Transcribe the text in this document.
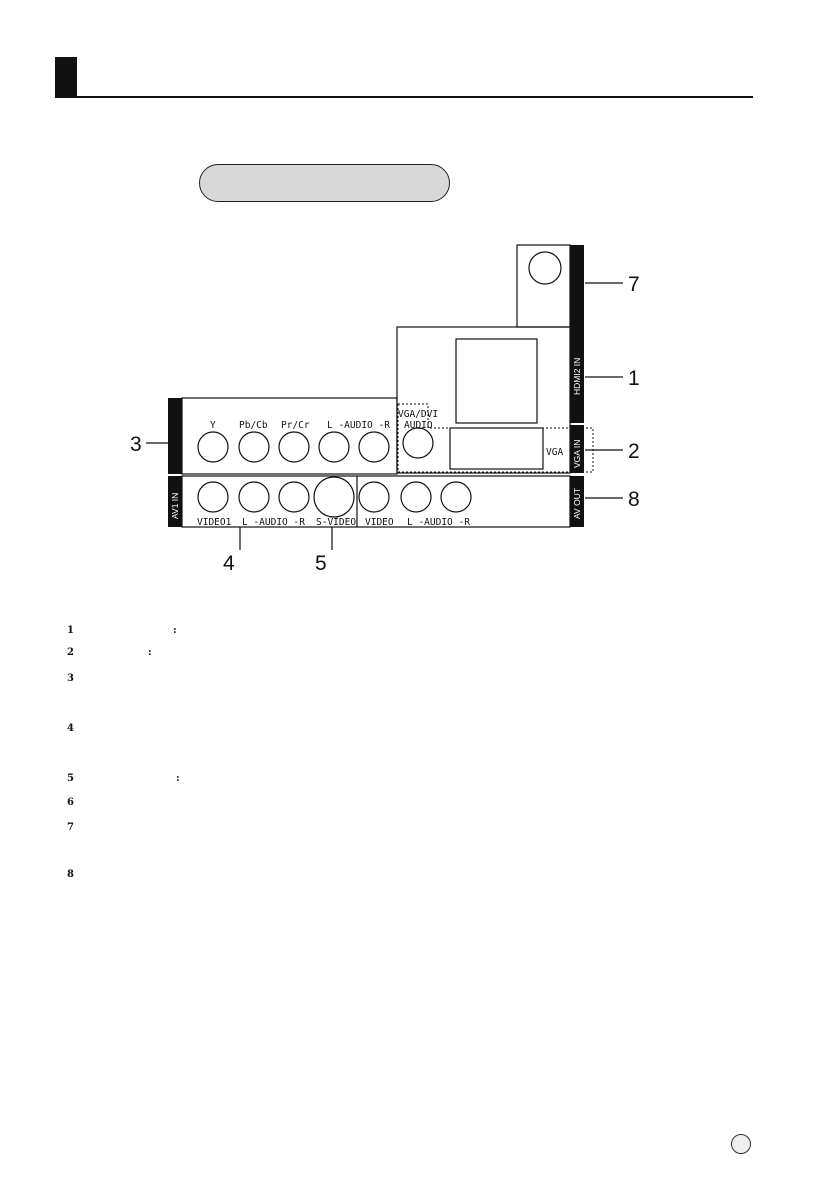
HDMI2 IN
VGA IN
AV OUT
AV1 IN
Y Pb/Cb Pr/Cr L -AUDIO -R
VGA/DVI
AUDIO
VGA
VIDEO1 L -AUDIO -R S-VIDEO VIDEO L -AUDIO -R
7
1
3	2
8
4	5
1	:
2	:
3
4
5	:
6
7
8
